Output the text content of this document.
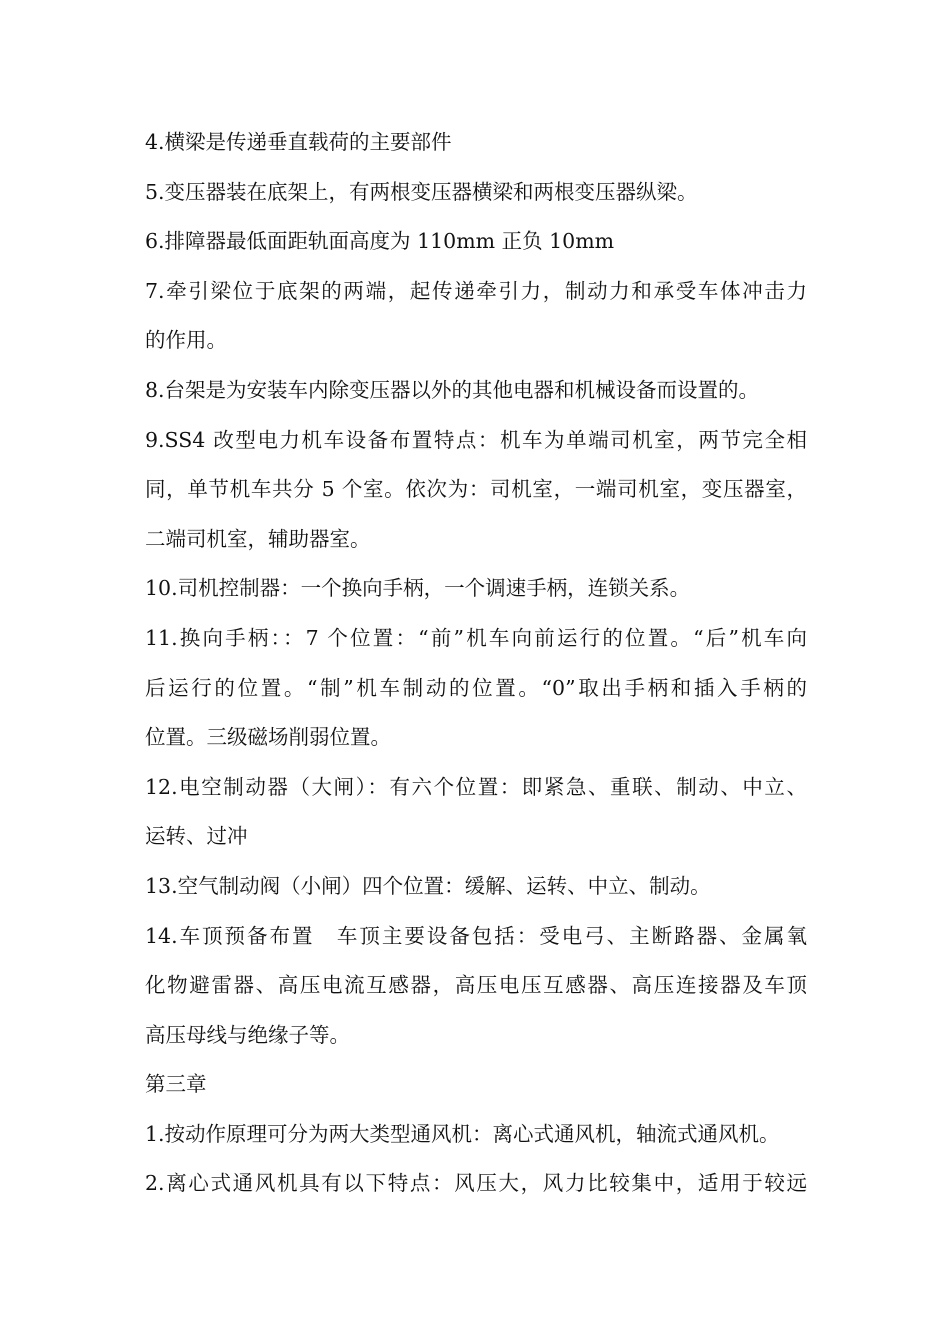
4.横梁是传递垂直载荷的主要部件
5.变压器装在底架上，有两根变压器横梁和两根变压器纵梁。
6.排障器最低面距轨面高度为 110mm 正负 10mm
7.牵引梁位于底架的两端，起传递牵引力，制动力和承受车体冲击力
的作用。
8.台架是为安装车内除变压器以外的其他电器和机械设备而设置的。
9.SS4 改型电力机车设备布置特点：机车为单端司机室，两节完全相
同，单节机车共分 5 个室。依次为：司机室，一端司机室，变压器室，
二端司机室，辅助器室。
10.司机控制器：一个换向手柄，一个调速手柄，连锁关系。
11.换向手柄：：7 个位置：“前”机车向前运行的位置。“后”机车向
后运行的位置。“制”机车制动的位置。“0”取出手柄和插入手柄的
位置。三级磁场削弱位置。
12.电空制动器（大闸）：有六个位置：即紧急、重联、制动、中立、
运转、过冲
13.空气制动阀（小闸）四个位置：缓解、运转、中立、制动。
14.车顶预备布置　车顶主要设备包括：受电弓、主断路器、金属氧
化物避雷器、高压电流互感器，高压电压互感器、高压连接器及车顶
高压母线与绝缘子等。
第三章
1.按动作原理可分为两大类型通风机：离心式通风机，轴流式通风机。
2.离心式通风机具有以下特点：风压大，风力比较集中，适用于较远
